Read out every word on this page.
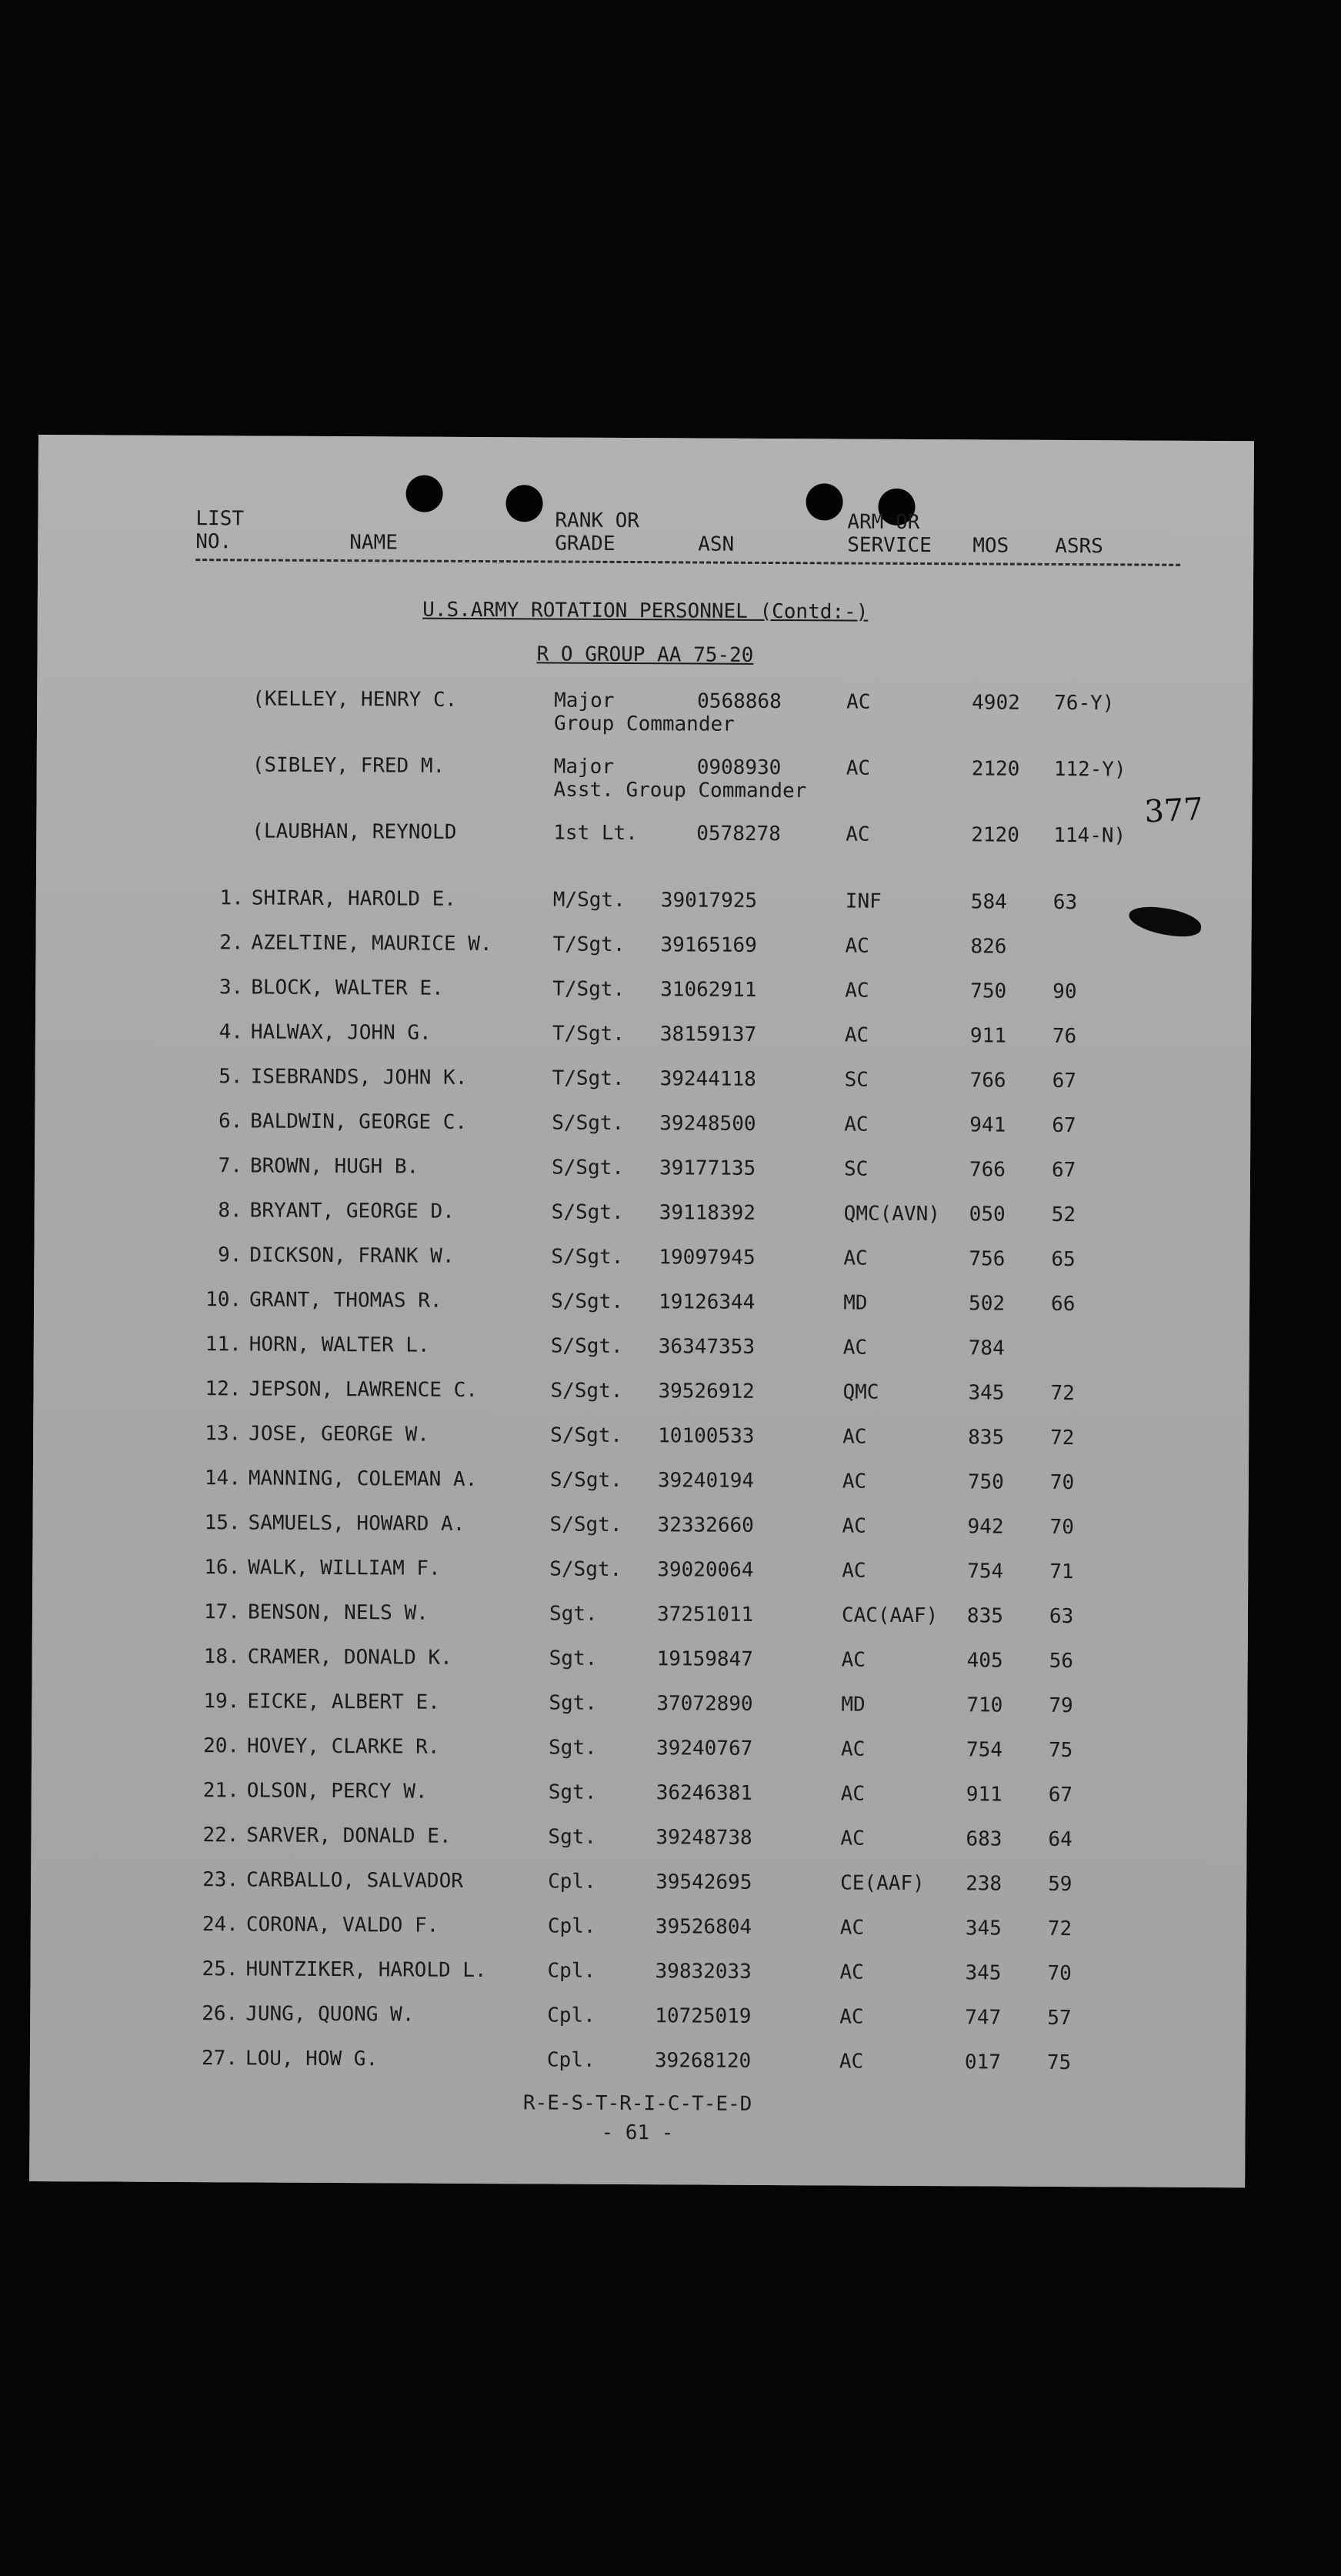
LIST
NO.	NAME
RANK OR
GRADE	ASN
ARM OR
SERVICE MOS ASRS
U.S.ARMY ROTATION PERSONNEL (Contd:-)
R O GROUP AA 75-20
(KELLEY, HENRY C.	Major	0568868	AC	4902 76-Y)
Group Commander
(SIBLEY, FRED M.	Major	0908930	AC	2120 112-Y)
Asst. Group Commander
(LAUBHAN, REYNOLD	1st Lt.	0578278	AC	2120 114-N)
1. SHIRAR, HAROLD E.	M/Sgt. 39017925	INF	584 63
2. AZELTINE, MAURICE W.	T/Sgt. 39165169	AC	826
3. BLOCK, WALTER E.	T/Sgt. 31062911	AC	750 90
4. HALWAX, JOHN G.	T/Sgt. 38159137	AC	911 76
5. ISEBRANDS, JOHN K.	T/Sgt. 39244118	SC	766 67
6. BALDWIN, GEORGE C.	S/Sgt. 39248500	AC	941 67
7. BROWN, HUGH B.	S/Sgt. 39177135	SC	766 67
8. BRYANT, GEORGE D.	S/Sgt. 39118392	QMC(AVN) 050 52
9. DICKSON, FRANK W.	S/Sgt. 19097945	AC	756 65
10. GRANT, THOMAS R.	S/Sgt. 19126344	MD	502 66
11. HORN, WALTER L.	S/Sgt. 36347353	AC	784
12. JEPSON, LAWRENCE C.	S/Sgt. 39526912	QMC	345 72
13. JOSE, GEORGE W.	S/Sgt. 10100533	AC	835 72
14. MANNING, COLEMAN A.	S/Sgt. 39240194	AC	750 70
15. SAMUELS, HOWARD A.	S/Sgt. 32332660	AC	942 70
16. WALK, WILLIAM F.	S/Sgt. 39020064	AC	754 71
17. BENSON, NELS W.	Sgt.	37251011	CAC(AAF) 835 63
18. CRAMER, DONALD K.	Sgt.	19159847	AC	405 56
19. EICKE, ALBERT E.	Sgt.	37072890	MD	710 79
20. HOVEY, CLARKE R.	Sgt.	39240767	AC	754 75
21. OLSON, PERCY W.	Sgt.	36246381	AC	911 67
22. SARVER, DONALD E.	Sgt.	39248738	AC	683 64
23. CARBALLO, SALVADOR	Cpl.	39542695	CE(AAF) 238 59
24. CORONA, VALDO F.	Cpl.	39526804	AC	345 72
25. HUNTZIKER, HAROLD L.	Cpl.	39832033	AC	345 70
26. JUNG, QUONG W.	Cpl.	10725019	AC	747 57
27. LOU, HOW G.	Cpl.	39268120	AC	017 75
377
R-E-S-T-R-I-C-T-E-D
- 61 -
